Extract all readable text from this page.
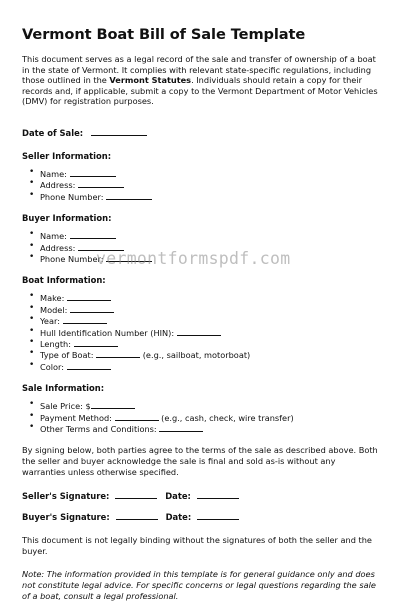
Vermont Boat Bill of Sale Template

This document serves as a legal record of the sale and transfer of ownership of a boat in the state of Vermont. It complies with relevant state-specific regulations, including those outlined in the Vermont Statutes. Individuals should retain a copy for their records and, if applicable, submit a copy to the Vermont Department of Motor Vehicles (DMV) for registration purposes.

Date of Sale:
Seller Information:
• Name:
• Address:
• Phone Number:
Buyer Information:
• Name:
• Address:
• Phone Number:
Boat Information:
• Make:
• Model:
• Year:
• Hull Identification Number (HIN):
• Length:
• Type of Boat:	(e.g., sailboat, motorboat)
• Color:
Sale Information:
• Sale Price: $
• Payment Method:	(e.g., cash, check, wire transfer)
• Other Terms and Conditions:

By signing below, both parties agree to the terms of the sale as described above. Both the seller and buyer acknowledge the sale is final and sold as-is without any warranties unless otherwise specified.

Seller's Signature:	Date:
Buyer's Signature:	Date:

This document is not legally binding without the signatures of both the seller and the buyer.

Note: The information provided in this template is for general guidance only and does not constitute legal advice. For specific concerns or legal questions regarding the sale of a boat, consult a legal professional.

vermontformspdf.com
